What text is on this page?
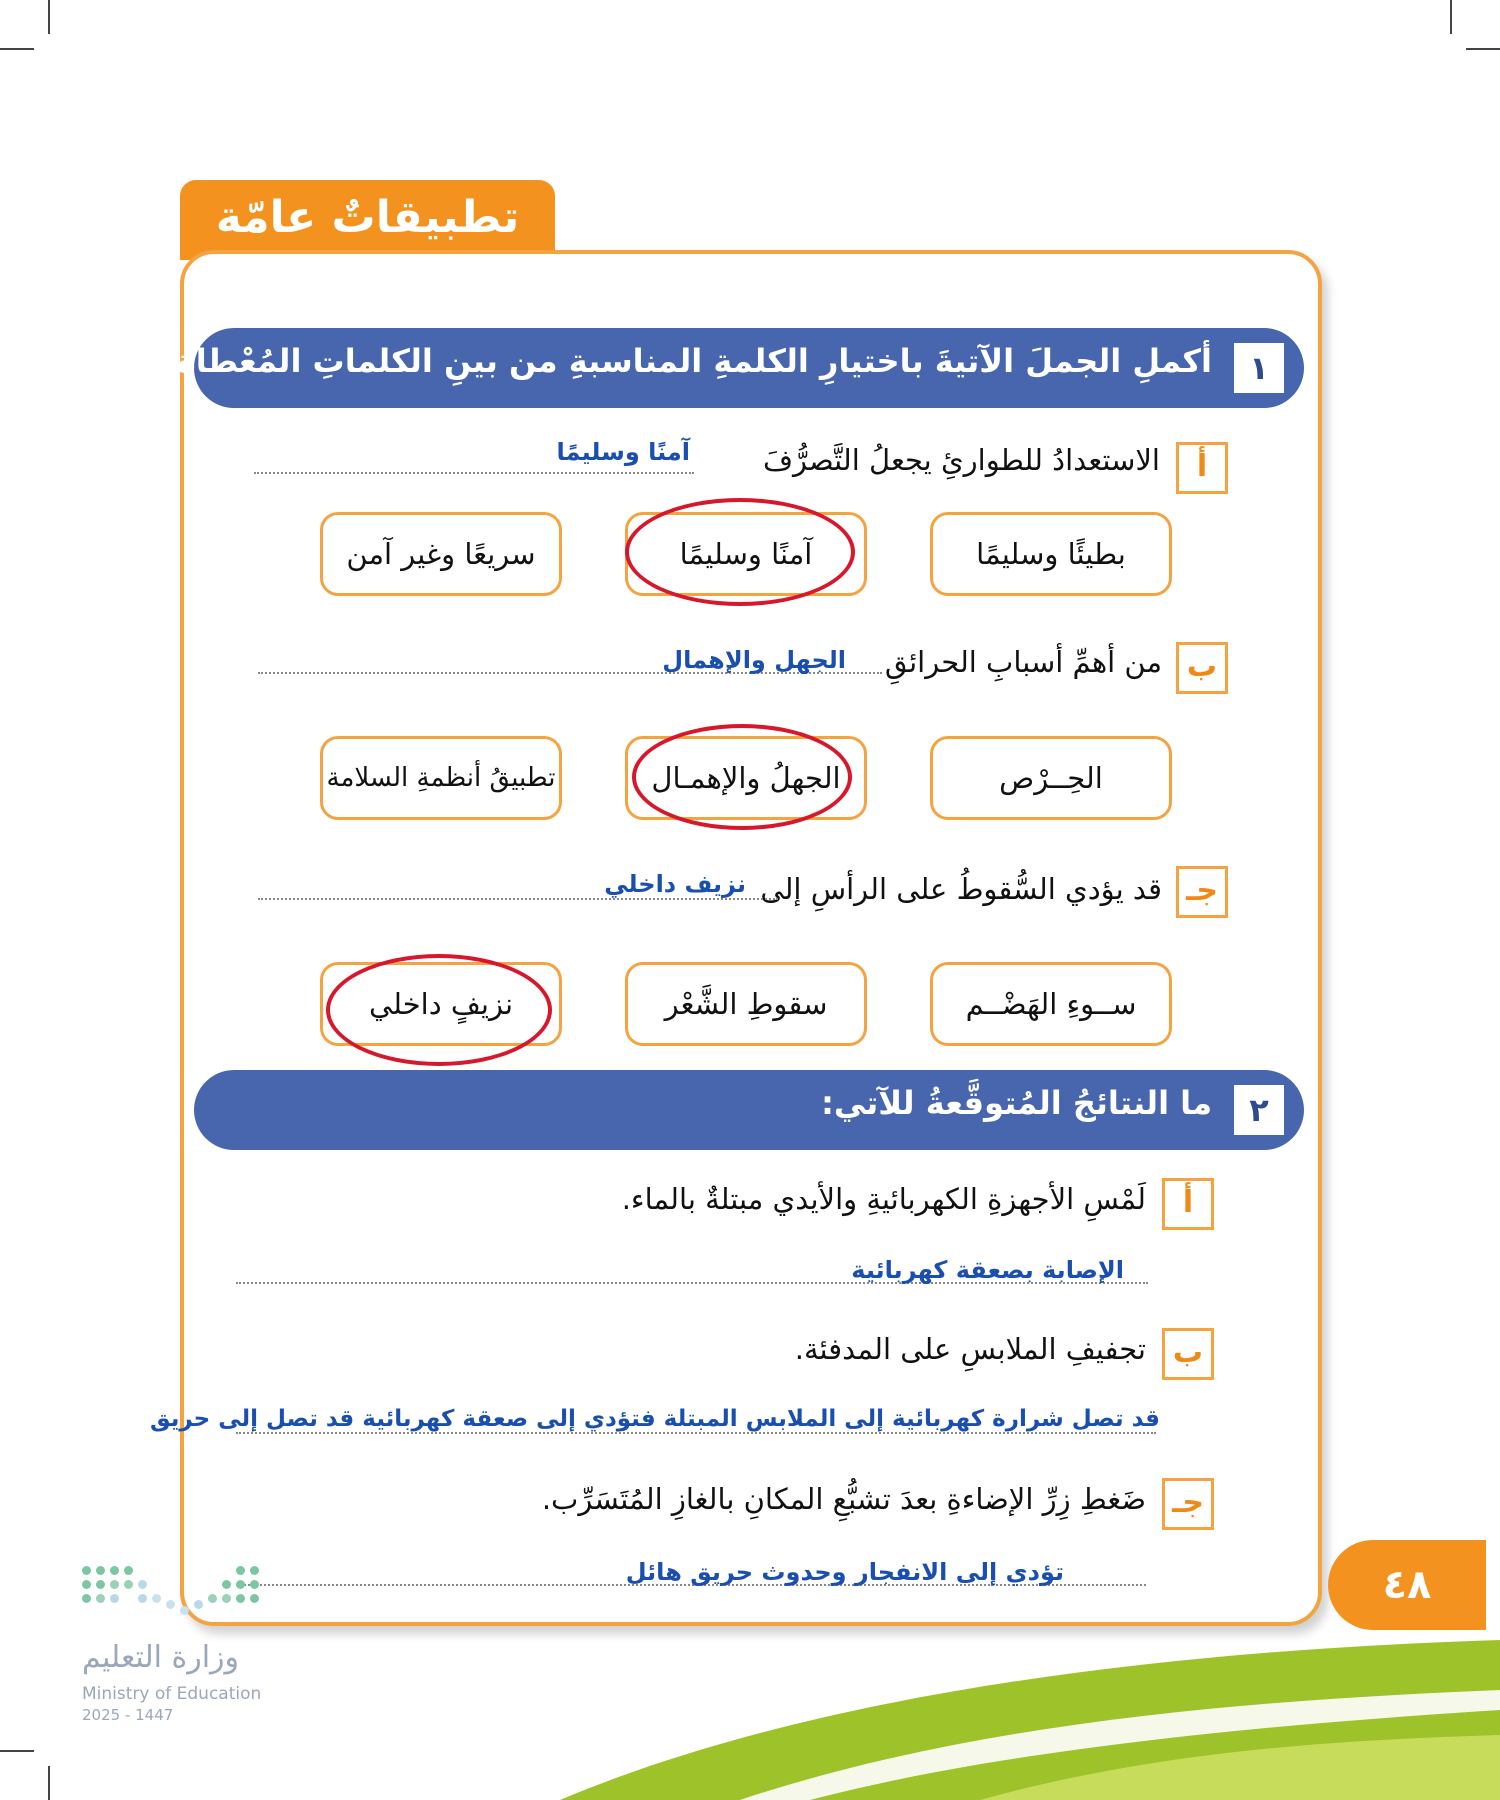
تطبيقاتٌ عامّة
١
أكملِ الجملَ الآتيةَ باختيارِ الكلمةِ المناسبةِ من بينِ الكلماتِ المُعْطاة:
أ
الاستعدادُ للطوارئِ يجعلُ التَّصرُّفَ
آمنًا وسليمًا
بطيئًا وسليمًا
آمنًا وسليمًا
سريعًا وغير آمن
ب
من أهمِّ أسبابِ الحرائقِ
الجهل والإهمال
الحِــرْص
الجهلُ والإهمـال
تطبيقُ أنظمةِ السلامة
جـ
قد يؤدي السُّقوطُ على الرأسِ إلى
نزيف داخلي
ســوءِ الهَضْــم
سقوطِ الشَّعْر
نزيفٍ داخلي
٢
ما النتائجُ المُتوقَّعةُ للآتي:
أ
لَمْسِ الأجهزةِ الكهربائيةِ والأيدي مبتلةٌ بالماء.
الإصابة بصعقة كهربائية
ب
تجفيفِ الملابسِ على المدفئة.
قد تصل شرارة كهربائية إلى الملابس المبتلة فتؤدي إلى صعقة كهربائية قد تصل إلى حريق
جـ
ضَغطِ زِرِّ الإضاءةِ بعدَ تشبُّعِ المكانِ بالغازِ المُتَسَرِّب.
تؤدي إلى الانفجار وحدوث حريق هائل	٤٨
وزارة التعليم
Ministry of Education
2025 - 1447
